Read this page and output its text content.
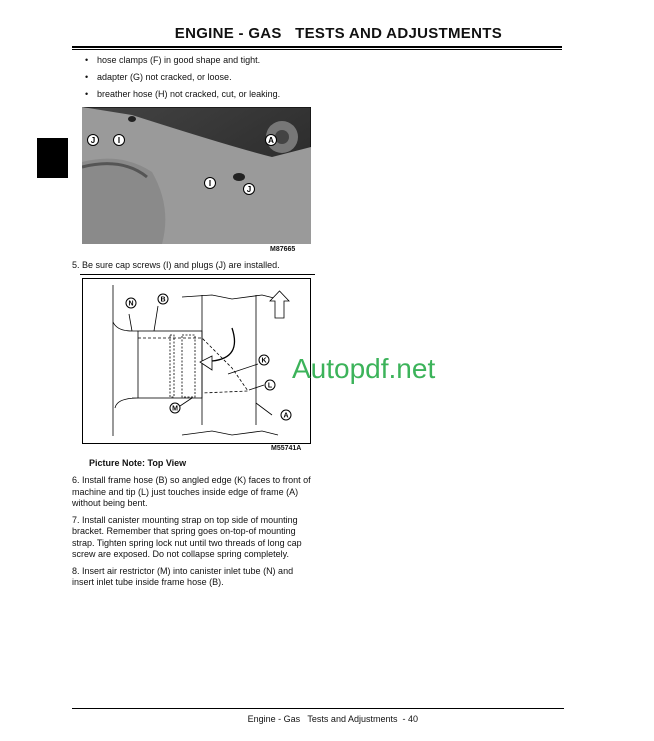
ENGINE - GAS   TESTS AND ADJUSTMENTS
• hose clamps (F) in good shape and tight.
• adapter (G) not cracked, or loose.
• breather hose (H) not cracked, cut, or leaking.
J	I	A
I
J
M87665
5. Be sure cap screws (I) and plugs (J) are installed.
N
B
K
L
M
A
M55741A
Picture Note: Top View

6. Install frame hose (B) so angled edge (K) faces to front of machine and tip (L) just touches inside edge of frame (A) without being bent.

7. Install canister mounting strap on top side of mounting bracket. Remember that spring goes on-top-of mounting strap. Tighten spring lock nut until two threads of long cap screw are exposed. Do not collapse spring completely.

8. Insert air restrictor (M) into canister inlet tube (N) and insert inlet tube inside frame hose (B).

Autopdf.net
Engine - Gas   Tests and Adjustments  - 40
